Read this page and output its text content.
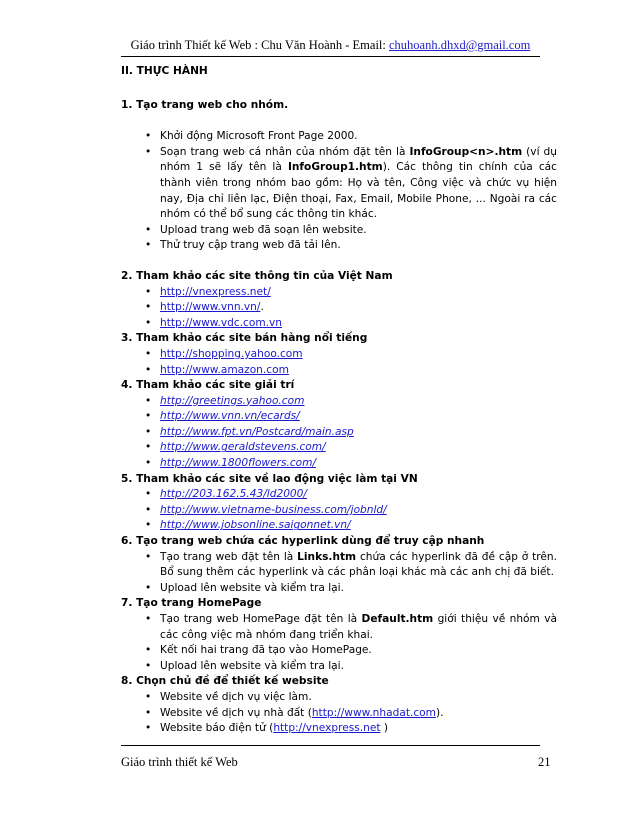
Giáo trình Thiết kế Web : Chu Văn Hoành - Email: chuhoanh.dhxd@gmail.com
II. THỰC HÀNH
1. Tạo trang web cho nhóm.
• Khởi động Microsoft Front Page 2000.
• Soạn trang web cá nhân của nhóm đặt tên là InfoGroup<n>.htm (ví dụ nhóm 1 sẽ lấy tên là InfoGroup1.htm). Các thông tin chính của các thành viên trong nhóm bao gồm: Họ và tên, Công việc và chức vụ hiện nay, Địa chỉ liên lạc, Điện thoại, Fax, Email, Mobile Phone, ... Ngoài ra các nhóm có thể bổ sung các thông tin khác.
• Upload trang web đã soạn lên website.
• Thử truy cập trang web đã tải lên.
2. Tham khảo các site thông tin của Việt Nam
• http://vnexpress.net/
• http://www.vnn.vn/.
• http://www.vdc.com.vn
3. Tham khảo các site bán hàng nổi tiếng
• http://shopping.yahoo.com
• http://www.amazon.com
4. Tham khảo các site giải trí
• http://greetings.yahoo.com
• http://www.vnn.vn/ecards/
• http://www.fpt.vn/Postcard/main.asp
• http://www.geraldstevens.com/
• http://www.1800flowers.com/
5. Tham khảo các site về lao động việc làm tại VN
• http://203.162.5.43/ld2000/
• http://www.vietname-business.com/jobnld/
• http://www.jobsonline.saigonnet.vn/
6. Tạo trang web chứa các hyperlink dùng để truy cập nhanh
• Tạo trang web đặt tên là Links.htm chứa các hyperlink đã đề cập ở trên. Bổ sung thêm các hyperlink và các phân loại khác mà các anh chị đã biết.
• Upload lên website và kiểm tra lại.
7. Tạo trang HomePage
• Tạo trang web HomePage đặt tên là Default.htm giới thiệu về nhóm và các công việc mà nhóm đang triển khai.
• Kết nối hai trang đã tạo vào HomePage.
• Upload lên website và kiểm tra lại.
8. Chọn chủ đề để thiết kế website
• Website về dịch vụ việc làm.
• Website về dịch vụ nhà đất (http://www.nhadat.com).
• Website báo điện tử (http://vnexpress.net )
Giáo trình thiết kế Web	21
